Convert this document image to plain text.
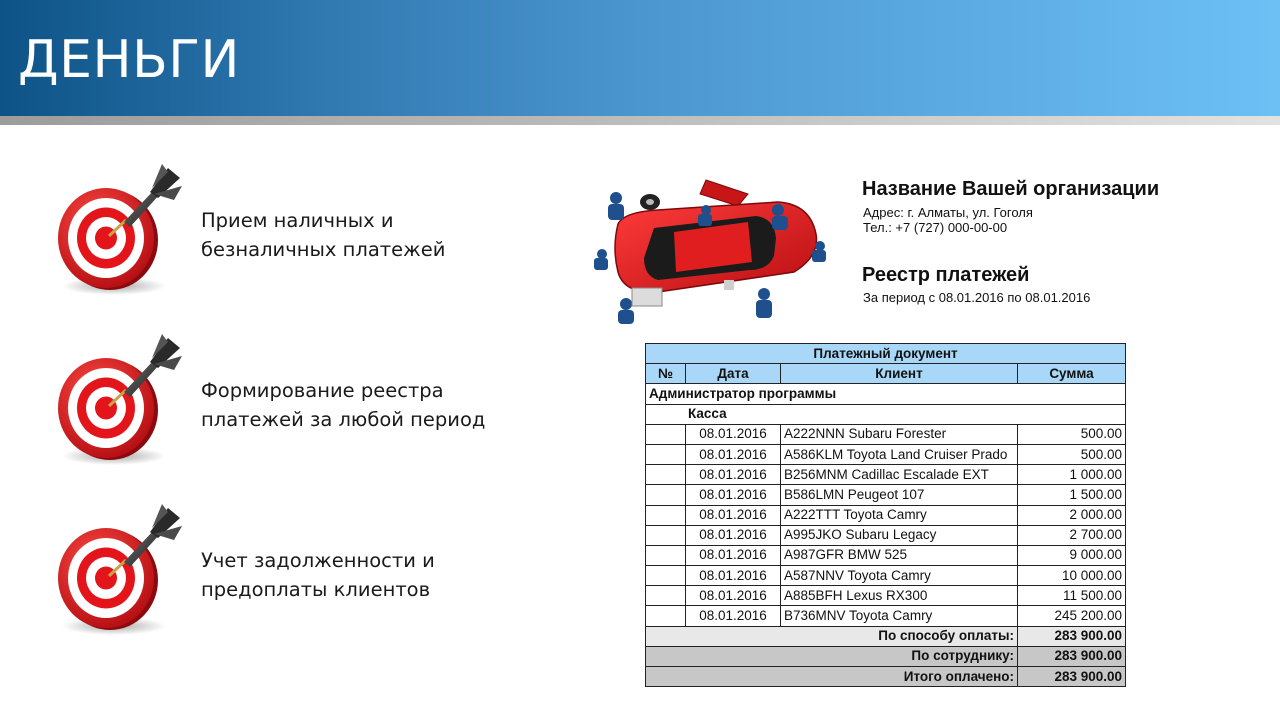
ДЕНЬГИ
Прием наличных и
безналичных платежей
Формирование реестра
платежей за любой период
Учет задолженности и
предоплаты клиентов
Название Вашей организации
Адрес: г. Алматы, ул. Гоголя
Тел.: +7 (727) 000-00-00
Реестр платежей
За период с 08.01.2016 по 08.01.2016
Платежный документ			
№	Дата	Клиент	Сумма
Администратор программы			
Касса			
	08.01.2016	A222NNN Subaru Forester	500.00
	08.01.2016	A586KLM Toyota Land Cruiser Prado	500.00
	08.01.2016	B256MNM Cadillac Escalade EXT	1 000.00
	08.01.2016	B586LMN Peugeot 107	1 500.00
	08.01.2016	A222TTT Toyota Camry	2 000.00
	08.01.2016	A995JKO Subaru Legacy	2 700.00
	08.01.2016	A987GFR BMW 525	9 000.00
	08.01.2016	A587NNV Toyota Camry	10 000.00
	08.01.2016	A885BFH Lexus RX300	11 500.00
	08.01.2016	B736MNV Toyota Camry	245 200.00
По способу оплаты:			283 900.00
По сотруднику:			283 900.00
Итого оплачено:			283 900.00
